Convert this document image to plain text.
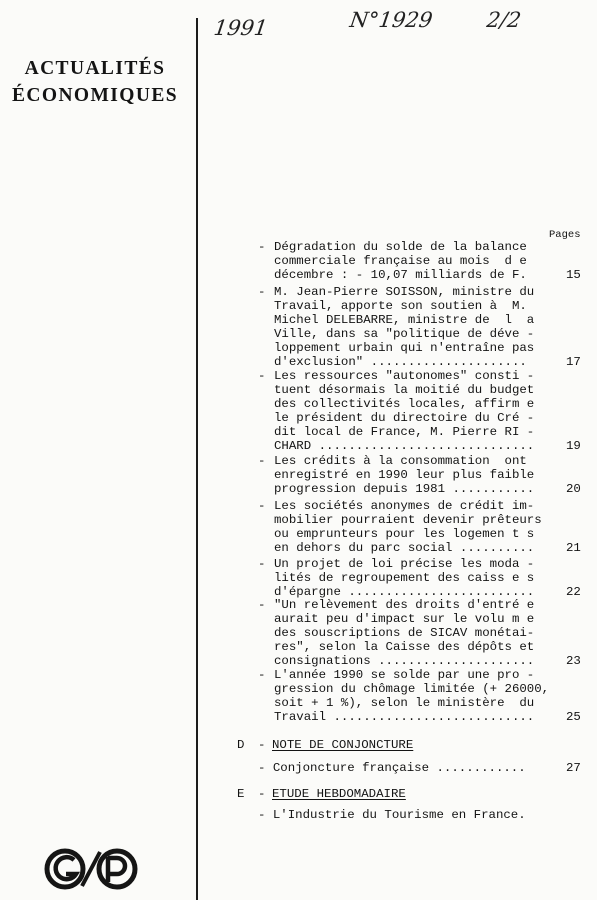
ACTUALITÉS
ÉCONOMIQUES
1991	N°1929 2/2
Pages
- Dégradation du solde de la balance
commerciale française au mois  d e
décembre : - 10,07 milliards de F.	15
- M. Jean-Pierre SOISSON, ministre du
Travail, apporte son soutien à  M.
Michel DELEBARRE, ministre de  l  a
Ville, dans sa "politique de déve -
loppement urbain qui n'entraîne pas
d'exclusion" .....................	17
- Les ressources "autonomes" consti -
tuent désormais la moitié du budget
des collectivités locales, affirm e
le président du directoire du Cré -
dit local de France, M. Pierre RI -
CHARD .............................	19
- Les crédits à la consommation  ont
enregistré en 1990 leur plus faible
progression depuis 1981 ...........	20
- Les sociétés anonymes de crédit im-
mobilier pourraient devenir prêteurs
ou emprunteurs pour les logemen t s
en dehors du parc social ..........	21
- Un projet de loi précise les moda -
lités de regroupement des caiss e s
d'épargne .........................	22
- "Un relèvement des droits d'entré e
aurait peu d'impact sur le volu m e
des souscriptions de SICAV monétai-
res", selon la Caisse des dépôts et
consignations .....................	23
- L'année 1990 se solde par une pro -
gression du chômage limitée (+ 26000,
soit + 1 %), selon le ministère  du
Travail ...........................	25
D - NOTE DE CONJONCTURE
- Conjoncture française ............	27
E - ETUDE HEBDOMADAIRE
- L'Industrie du Tourisme en France.
